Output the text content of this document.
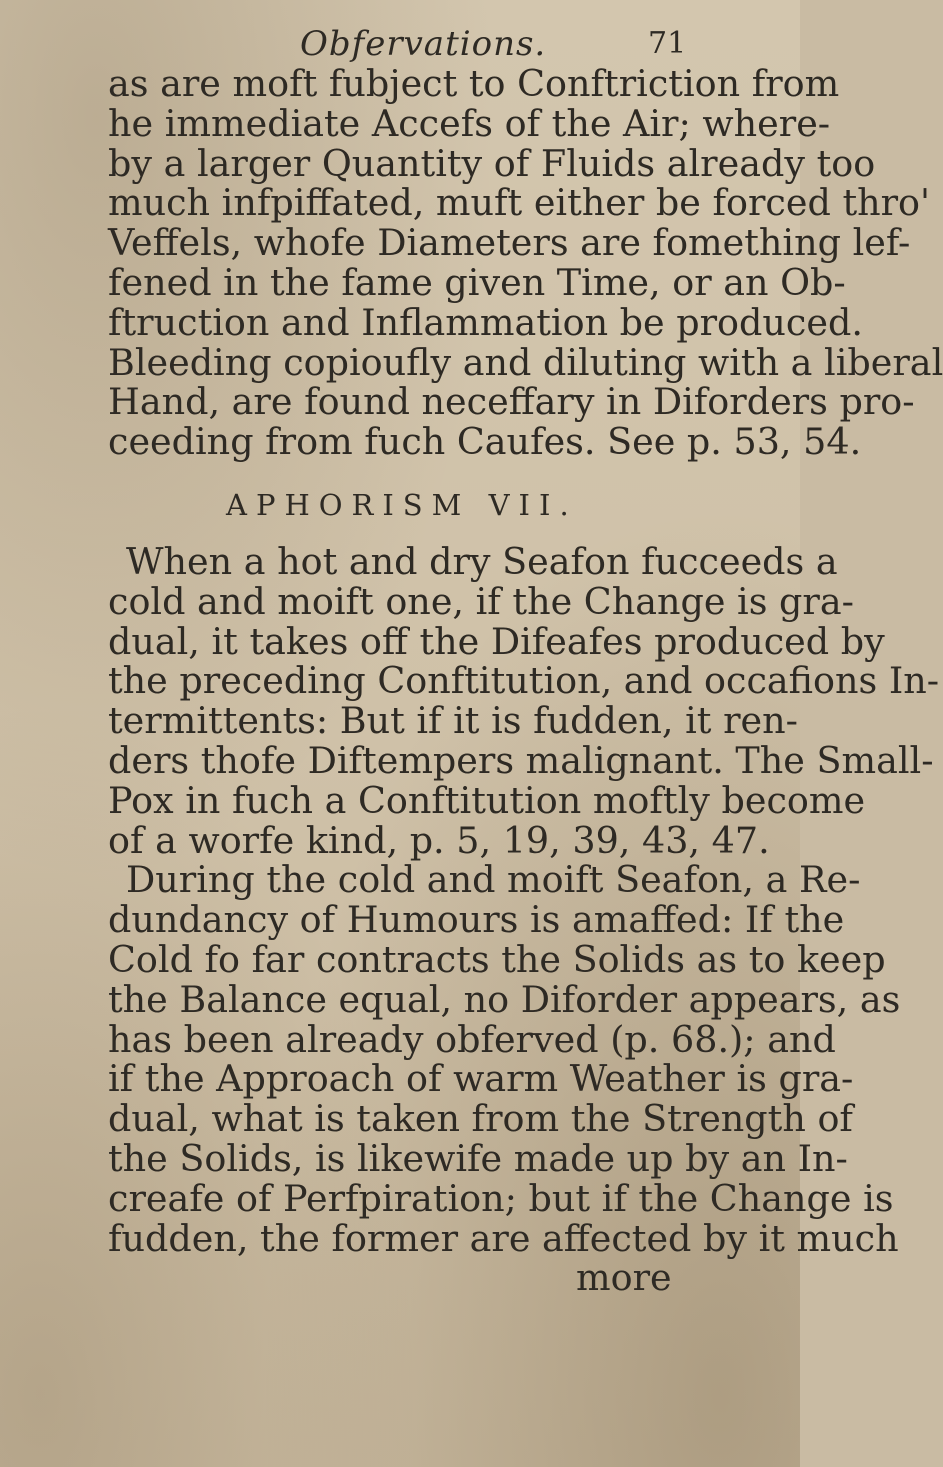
Obfervations.	71
as are moft fubject to Conftriction from
he immediate Accefs of the Air; where-
by a larger Quantity of Fluids already too
much infpiffated, muft either be forced thro'
Veffels, whofe Diameters are fomething lef-
fened in the fame given Time, or an Ob-
ftruction and Inflammation be produced.
Bleeding copioufly and diluting with a liberal
Hand, are found neceffary in Diforders pro-
ceeding from fuch Caufes. See p. 53, 54.
APHORISM VII.
When a hot and dry Seafon fucceeds a
cold and moift one, if the Change is gra-
dual, it takes off the Difeafes produced by
the preceding Conftitution, and occafions In-
termittents: But if it is fudden, it ren-
ders thofe Diftempers malignant. The Small-
Pox in fuch a Conftitution moftly become
of a worfe kind, p. 5, 19, 39, 43, 47.
During the cold and moift Seafon, a Re-
dundancy of Humours is amaffed: If the
Cold fo far contracts the Solids as to keep
the Balance equal, no Diforder appears, as
has been already obferved (p. 68.); and
if the Approach of warm Weather is gra-
dual, what is taken from the Strength of
the Solids, is likewife made up by an In-
creafe of Perfpiration; but if the Change is
fudden, the former are affected by it much
more
